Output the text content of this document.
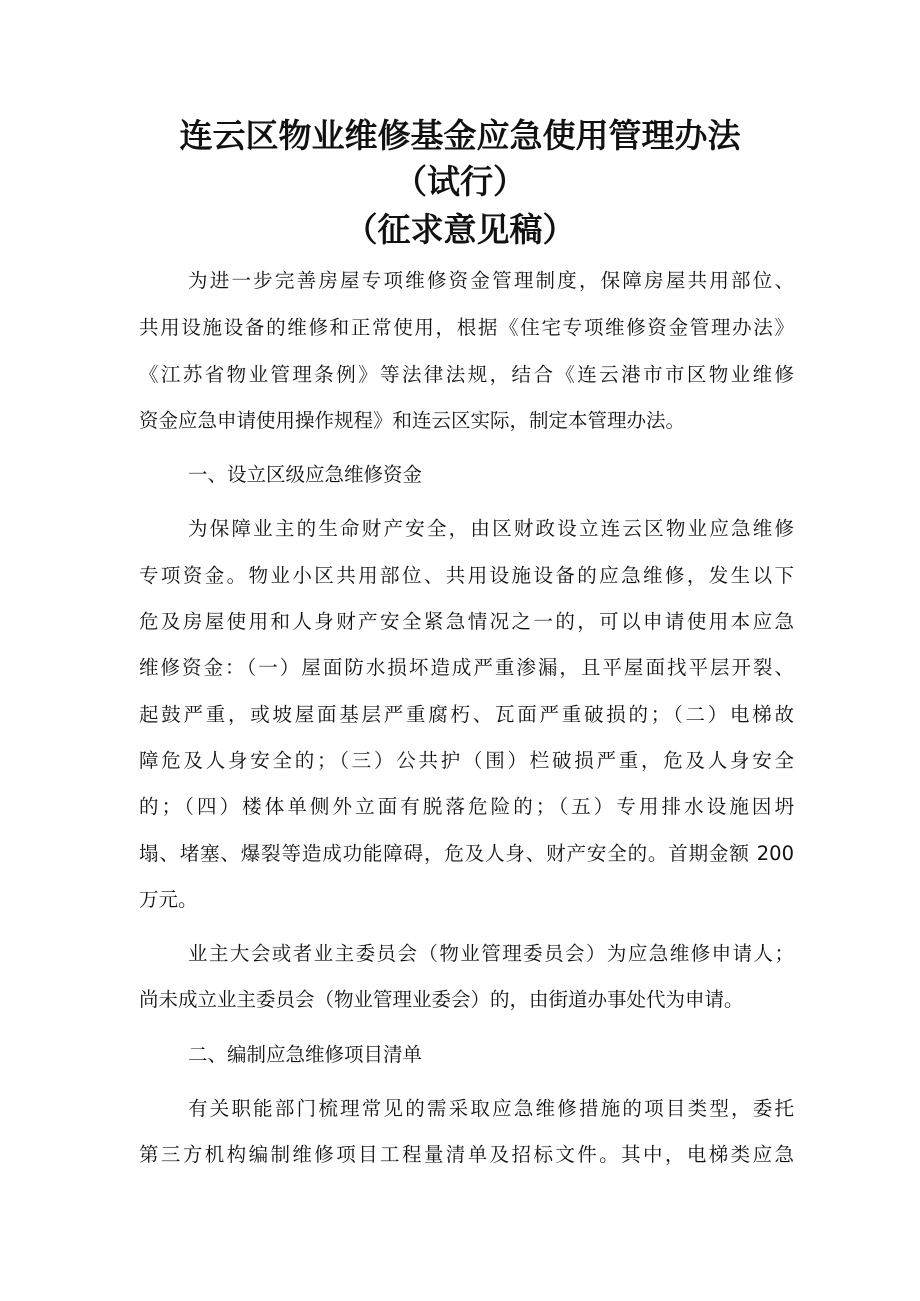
连云区物业维修基金应急使用管理办法
（试行）
（征求意见稿）
为进一步完善房屋专项维修资金管理制度，保障房屋共用部位、
共用设施设备的维修和正常使用，根据《住宅专项维修资金管理办法》
《江苏省物业管理条例》等法律法规，结合《连云港市市区物业维修
资金应急申请使用操作规程》和连云区实际，制定本管理办法。
一、设立区级应急维修资金
为保障业主的生命财产安全，由区财政设立连云区物业应急维修
专项资金。物业小区共用部位、共用设施设备的应急维修，发生以下
危及房屋使用和人身财产安全紧急情况之一的，可以申请使用本应急
维修资金：（一）屋面防水损坏造成严重渗漏，且平屋面找平层开裂、
起鼓严重，或坡屋面基层严重腐朽、瓦面严重破损的；（二）电梯故
障危及人身安全的；（三）公共护（围）栏破损严重，危及人身安全
的；（四）楼体单侧外立面有脱落危险的；（五）专用排水设施因坍
塌、堵塞、爆裂等造成功能障碍，危及人身、财产安全的。首期金额 200
万元。
业主大会或者业主委员会（物业管理委员会）为应急维修申请人；
尚未成立业主委员会（物业管理业委会）的，由街道办事处代为申请。
二、编制应急维修项目清单
有关职能部门梳理常见的需采取应急维修措施的项目类型，委托
第三方机构编制维修项目工程量清单及招标文件。其中，电梯类应急
